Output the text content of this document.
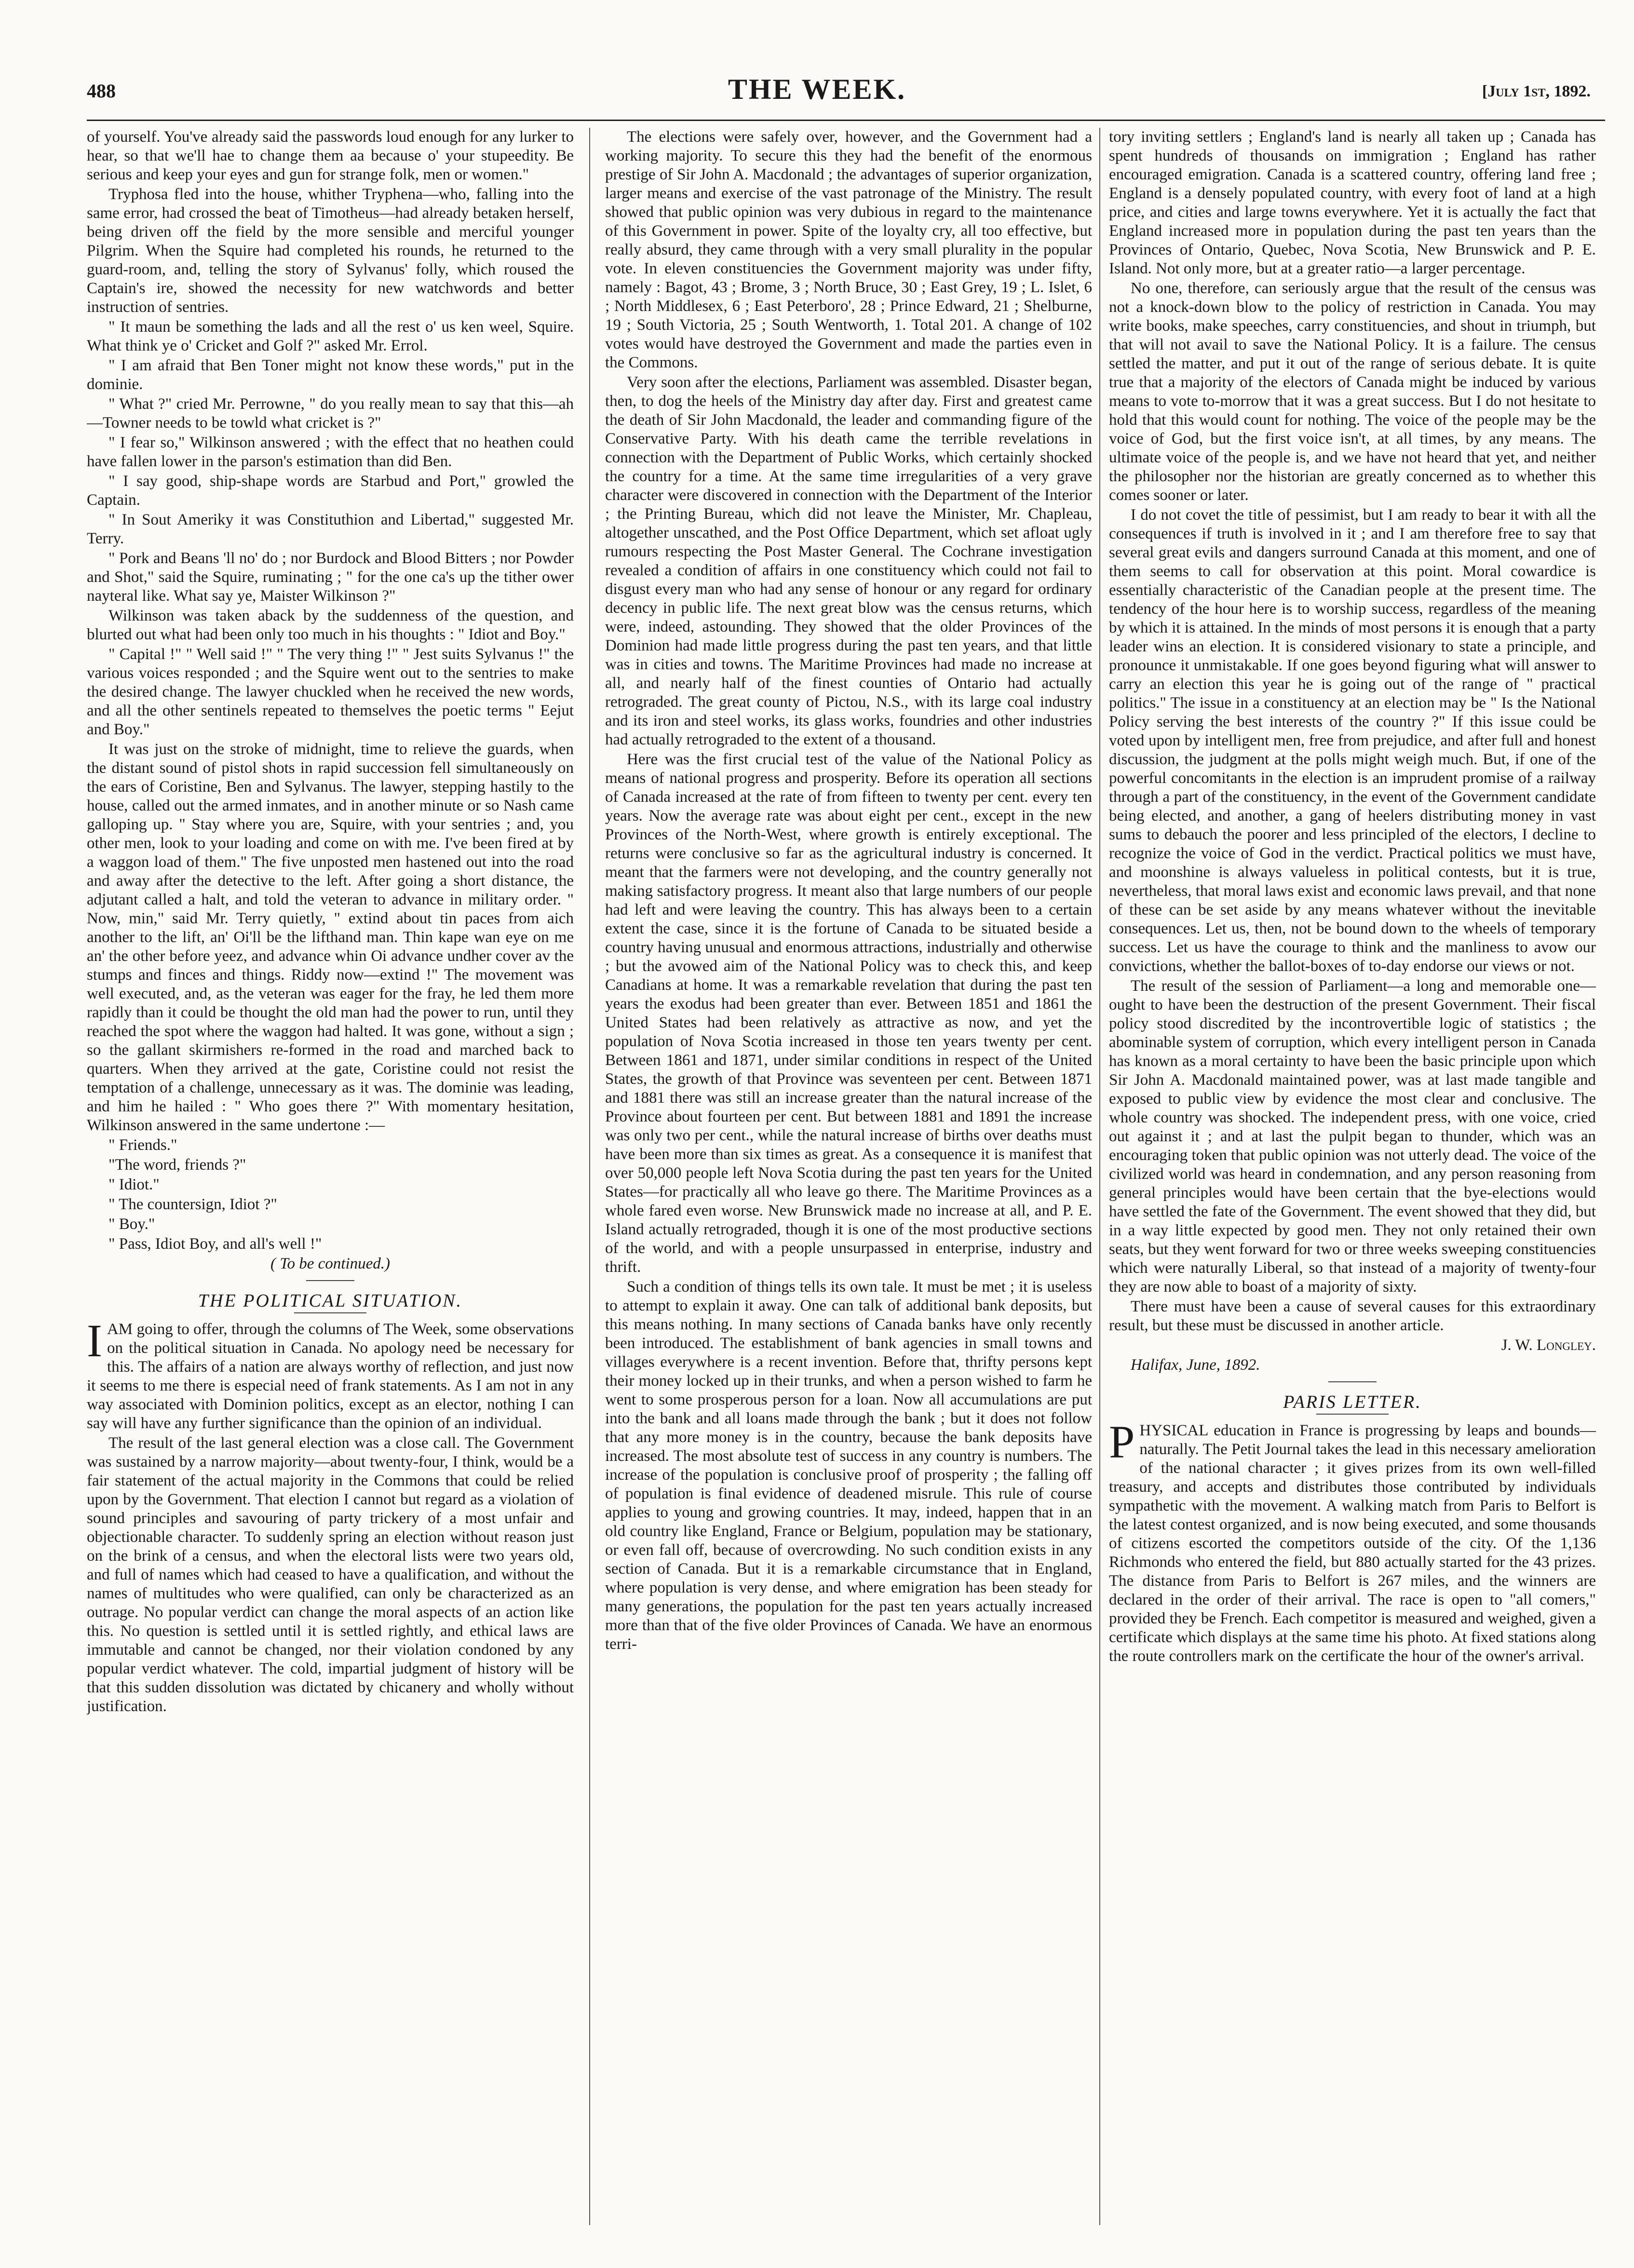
488	THE WEEK.	[July 1st, 1892.

of yourself. You've already said the passwords loud enough for any lurker to hear, so that we'll hae to change them aa because o' your stupeedity. Be serious and keep your eyes and gun for strange folk, men or women."

Tryphosa fled into the house, whither Tryphena—who, falling into the same error, had crossed the beat of Timotheus—had already betaken herself, being driven off the field by the more sensible and merciful younger Pilgrim. When the Squire had completed his rounds, he returned to the guard-room, and, telling the story of Sylvanus' folly, which roused the Captain's ire, showed the necessity for new watchwords and better instruction of sentries.

" It maun be something the lads and all the rest o' us ken weel, Squire. What think ye o' Cricket and Golf ?" asked Mr. Errol.

" I am afraid that Ben Toner might not know these words," put in the dominie.

" What ?" cried Mr. Perrowne, " do you really mean to say that this—ah—Towner needs to be towld what cricket is ?"

" I fear so," Wilkinson answered ; with the effect that no heathen could have fallen lower in the parson's estimation than did Ben.

" I say good, ship-shape words are Starbud and Port," growled the Captain.

" In Sout Ameriky it was Constituthion and Libertad," suggested Mr. Terry.

" Pork and Beans 'll no' do ; nor Burdock and Blood Bitters ; nor Powder and Shot," said the Squire, ruminating ; " for the one ca's up the tither ower nayteral like. What say ye, Maister Wilkinson ?"

Wilkinson was taken aback by the suddenness of the question, and blurted out what had been only too much in his thoughts : " Idiot and Boy."

" Capital !" " Well said !" " The very thing !" " Jest suits Sylvanus !" the various voices responded ; and the Squire went out to the sentries to make the desired change. The lawyer chuckled when he received the new words, and all the other sentinels repeated to themselves the poetic terms " Eejut and Boy."

It was just on the stroke of midnight, time to relieve the guards, when the distant sound of pistol shots in rapid succession fell simultaneously on the ears of Coristine, Ben and Sylvanus. The lawyer, stepping hastily to the house, called out the armed inmates, and in another minute or so Nash came galloping up. " Stay where you are, Squire, with your sentries ; and, you other men, look to your loading and come on with me. I've been fired at by a waggon load of them." The five unposted men hastened out into the road and away after the detective to the left. After going a short distance, the adjutant called a halt, and told the veteran to advance in military order. " Now, min," said Mr. Terry quietly, " extind about tin paces from aich another to the lift, an' Oi'll be the lifthand man. Thin kape wan eye on me an' the other before yeez, and advance whin Oi advance undher cover av the stumps and finces and things. Riddy now—extind !" The movement was well executed, and, as the veteran was eager for the fray, he led them more rapidly than it could be thought the old man had the power to run, until they reached the spot where the waggon had halted. It was gone, without a sign ; so the gallant skirmishers re-formed in the road and marched back to quarters. When they arrived at the gate, Coristine could not resist the temptation of a challenge, unnecessary as it was. The dominie was leading, and him he hailed : " Who goes there ?" With momentary hesitation, Wilkinson answered in the same undertone :—

" Friends."

"The word, friends ?"

" Idiot."

" The countersign, Idiot ?"

" Boy."

" Pass, Idiot Boy, and all's well !"

( To be continued.)

THE POLITICAL SITUATION.

IAM going to offer, through the columns of The Week, some observations on the political situation in Canada. No apology need be necessary for this. The affairs of a nation are always worthy of reflection, and just now it seems to me there is especial need of frank statements. As I am not in any way associated with Dominion politics, except as an elector, nothing I can say will have any further significance than the opinion of an individual.

The result of the last general election was a close call. The Government was sustained by a narrow majority—about twenty-four, I think, would be a fair statement of the actual majority in the Commons that could be relied upon by the Government. That election I cannot but regard as a violation of sound principles and savouring of party trickery of a most unfair and objectionable character. To suddenly spring an election without reason just on the brink of a census, and when the electoral lists were two years old, and full of names which had ceased to have a qualification, and without the names of multitudes who were qualified, can only be characterized as an outrage. No popular verdict can change the moral aspects of an action like this. No question is settled until it is settled rightly, and ethical laws are immutable and cannot be changed, nor their violation condoned by any popular verdict whatever. The cold, impartial judgment of history will be that this sudden dissolution was dictated by chicanery and wholly without justification.

The elections were safely over, however, and the Government had a working majority. To secure this they had the benefit of the enormous prestige of Sir John A. Macdonald ; the advantages of superior organization, larger means and exercise of the vast patronage of the Ministry. The result showed that public opinion was very dubious in regard to the maintenance of this Government in power. Spite of the loyalty cry, all too effective, but really absurd, they came through with a very small plurality in the popular vote. In eleven constituencies the Government majority was under fifty, namely : Bagot, 43 ; Brome, 3 ; North Bruce, 30 ; East Grey, 19 ; L. Islet, 6 ; North Middlesex, 6 ; East Peterboro', 28 ; Prince Edward, 21 ; Shelburne, 19 ; South Victoria, 25 ; South Wentworth, 1. Total 201. A change of 102 votes would have destroyed the Government and made the parties even in the Commons.

Very soon after the elections, Parliament was assembled. Disaster began, then, to dog the heels of the Ministry day after day. First and greatest came the death of Sir John Macdonald, the leader and commanding figure of the Conservative Party. With his death came the terrible revelations in connection with the Department of Public Works, which certainly shocked the country for a time. At the same time irregularities of a very grave character were discovered in connection with the Department of the Interior ; the Printing Bureau, which did not leave the Minister, Mr. Chapleau, altogether unscathed, and the Post Office Department, which set afloat ugly rumours respecting the Post Master General. The Cochrane investigation revealed a condition of affairs in one constituency which could not fail to disgust every man who had any sense of honour or any regard for ordinary decency in public life. The next great blow was the census returns, which were, indeed, astounding. They showed that the older Provinces of the Dominion had made little progress during the past ten years, and that little was in cities and towns. The Maritime Provinces had made no increase at all, and nearly half of the finest counties of Ontario had actually retrograded. The great county of Pictou, N.S., with its large coal industry and its iron and steel works, its glass works, foundries and other industries had actually retrograded to the extent of a thousand.

Here was the first crucial test of the value of the National Policy as means of national progress and prosperity. Before its operation all sections of Canada increased at the rate of from fifteen to twenty per cent. every ten years. Now the average rate was about eight per cent., except in the new Provinces of the North-West, where growth is entirely exceptional. The returns were conclusive so far as the agricultural industry is concerned. It meant that the farmers were not developing, and the country generally not making satisfactory progress. It meant also that large numbers of our people had left and were leaving the country. This has always been to a certain extent the case, since it is the fortune of Canada to be situated beside a country having unusual and enormous attractions, industrially and otherwise ; but the avowed aim of the National Policy was to check this, and keep Canadians at home. It was a remarkable revelation that during the past ten years the exodus had been greater than ever. Between 1851 and 1861 the United States had been relatively as attractive as now, and yet the population of Nova Scotia increased in those ten years twenty per cent. Between 1861 and 1871, under similar conditions in respect of the United States, the growth of that Province was seventeen per cent. Between 1871 and 1881 there was still an increase greater than the natural increase of the Province about fourteen per cent. But between 1881 and 1891 the increase was only two per cent., while the natural increase of births over deaths must have been more than six times as great. As a consequence it is manifest that over 50,000 people left Nova Scotia during the past ten years for the United States—for practically all who leave go there. The Maritime Provinces as a whole fared even worse. New Brunswick made no increase at all, and P. E. Island actually retrograded, though it is one of the most productive sections of the world, and with a people unsurpassed in enterprise, industry and thrift.

Such a condition of things tells its own tale. It must be met ; it is useless to attempt to explain it away. One can talk of additional bank deposits, but this means nothing. In many sections of Canada banks have only recently been introduced. The establishment of bank agencies in small towns and villages everywhere is a recent invention. Before that, thrifty persons kept their money locked up in their trunks, and when a person wished to farm he went to some prosperous person for a loan. Now all accumulations are put into the bank and all loans made through the bank ; but it does not follow that any more money is in the country, because the bank deposits have increased. The most absolute test of success in any country is numbers. The increase of the population is conclusive proof of prosperity ; the falling off of population is final evidence of deadened misrule. This rule of course applies to young and growing countries. It may, indeed, happen that in an old country like England, France or Belgium, population may be stationary, or even fall off, because of overcrowding. No such condition exists in any section of Canada. But it is a remarkable circumstance that in England, where population is very dense, and where emigration has been steady for many generations, the population for the past ten years actually increased more than that of the five older Provinces of Canada. We have an enormous terri-

tory inviting settlers ; England's land is nearly all taken up ; Canada has spent hundreds of thousands on immigration ; England has rather encouraged emigration. Canada is a scattered country, offering land free ; England is a densely populated country, with every foot of land at a high price, and cities and large towns everywhere. Yet it is actually the fact that England increased more in population during the past ten years than the Provinces of Ontario, Quebec, Nova Scotia, New Brunswick and P. E. Island. Not only more, but at a greater ratio—a larger percentage.

No one, therefore, can seriously argue that the result of the census was not a knock-down blow to the policy of restriction in Canada. You may write books, make speeches, carry constituencies, and shout in triumph, but that will not avail to save the National Policy. It is a failure. The census settled the matter, and put it out of the range of serious debate. It is quite true that a majority of the electors of Canada might be induced by various means to vote to-morrow that it was a great success. But I do not hesitate to hold that this would count for nothing. The voice of the people may be the voice of God, but the first voice isn't, at all times, by any means. The ultimate voice of the people is, and we have not heard that yet, and neither the philosopher nor the historian are greatly concerned as to whether this comes sooner or later.

I do not covet the title of pessimist, but I am ready to bear it with all the consequences if truth is involved in it ; and I am therefore free to say that several great evils and dangers surround Canada at this moment, and one of them seems to call for observation at this point. Moral cowardice is essentially characteristic of the Canadian people at the present time. The tendency of the hour here is to worship success, regardless of the meaning by which it is attained. In the minds of most persons it is enough that a party leader wins an election. It is considered visionary to state a principle, and pronounce it unmistakable. If one goes beyond figuring what will answer to carry an election this year he is going out of the range of " practical politics." The issue in a constituency at an election may be " Is the National Policy serving the best interests of the country ?" If this issue could be voted upon by intelligent men, free from prejudice, and after full and honest discussion, the judgment at the polls might weigh much. But, if one of the powerful concomitants in the election is an imprudent promise of a railway through a part of the constituency, in the event of the Government candidate being elected, and another, a gang of heelers distributing money in vast sums to debauch the poorer and less principled of the electors, I decline to recognize the voice of God in the verdict. Practical politics we must have, and moonshine is always valueless in political contests, but it is true, nevertheless, that moral laws exist and economic laws prevail, and that none of these can be set aside by any means whatever without the inevitable consequences. Let us, then, not be bound down to the wheels of temporary success. Let us have the courage to think and the manliness to avow our convictions, whether the ballot-boxes of to-day endorse our views or not.

The result of the session of Parliament—a long and memorable one—ought to have been the destruction of the present Government. Their fiscal policy stood discredited by the incontrovertible logic of statistics ; the abominable system of corruption, which every intelligent person in Canada has known as a moral certainty to have been the basic principle upon which Sir John A. Macdonald maintained power, was at last made tangible and exposed to public view by evidence the most clear and conclusive. The whole country was shocked. The independent press, with one voice, cried out against it ; and at last the pulpit began to thunder, which was an encouraging token that public opinion was not utterly dead. The voice of the civilized world was heard in condemnation, and any person reasoning from general principles would have been certain that the bye-elections would have settled the fate of the Government. The event showed that they did, but in a way little expected by good men. They not only retained their own seats, but they went forward for two or three weeks sweeping constituencies which were naturally Liberal, so that instead of a majority of twenty-four they are now able to boast of a majority of sixty.

There must have been a cause of several causes for this extraordinary result, but these must be discussed in another article.

J. W. Longley.

Halifax, June, 1892.

PARIS LETTER.

PHYSICAL education in France is progressing by leaps and bounds—naturally. The Petit Journal takes the lead in this necessary amelioration of the national character ; it gives prizes from its own well-filled treasury, and accepts and distributes those contributed by individuals sympathetic with the movement. A walking match from Paris to Belfort is the latest contest organized, and is now being executed, and some thousands of citizens escorted the competitors outside of the city. Of the 1,136 Richmonds who entered the field, but 880 actually started for the 43 prizes. The distance from Paris to Belfort is 267 miles, and the winners are declared in the order of their arrival. The race is open to "all comers," provided they be French. Each competitor is measured and weighed, given a certificate which displays at the same time his photo. At fixed stations along the route controllers mark on the certificate the hour of the owner's arrival.
